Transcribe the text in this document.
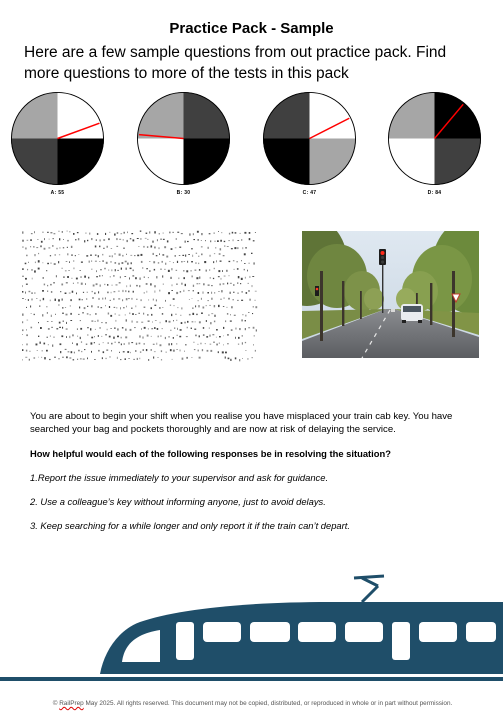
Practice Pack - Sample
Here are a few sample questions from out practice pack. Find more questions to more of the tests in this pack
A: 55	B: 30	C: 47	D: 84
You are about to begin your shift when you realise you have misplaced your train cab key. You have searched your bag and pockets thoroughly and are now at risk of delaying the service.
How helpful would each of the following responses be in resolving the situation?
1.Report the issue immediately to your supervisor and ask for guidance.
2. Use a colleague’s key without informing anyone, just to avoid delays.
3. Keep searching for a while longer and only report it if the train can’t depart.
© RailPrep May 2025. All rights reserved. This document may not be copied, distributed, or reproduced in whole or in part without permission.
